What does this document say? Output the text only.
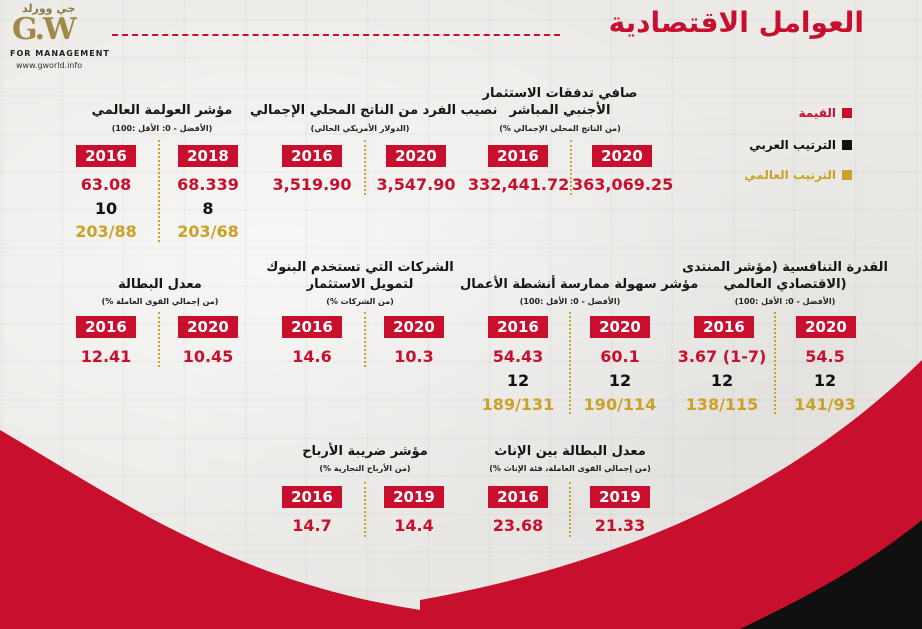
جي وورلد
G.W
FOR MANAGEMENT
www.gworld.info
العوامل الاقتصادية
القيمة
الترتيب العربي
الترتيب العالمي
صافي تدفقات الاستثمار
الأجنبي المباشر
(% من الناتج المحلي الإجمالي)
2020
2016
363,069.25
332,441.72
نصيب الفرد من الناتج المحلي الإجمالي
(الدولار الأمريكي الحالي)
2020
2016
3,547.90
3,519.90
مؤشر العولمة العالمي
(100: الأفضل - 0: الأقل)
2018
2016
68.339
63.08
8
10
203/68
203/88
القدرة التنافسية (مؤشر المنتدى
الاقتصادي العالمي)
(100: الأفضل - 0: الأقل)
2020
2016
54.5
3.67 (1-7)
12
12
141/93
138/115
مؤشر سهولة ممارسة أنشطة الأعمال
(100: الأفضل - 0: الأقل)
2020
2016
60.1
54.43
12
12
190/114
189/131
الشركات التي تستخدم البنوك
لتمويل الاستثمار
(% من الشركات)
2020
2016
10.3
14.6
معدل البطالة
(% من إجمالي القوى العاملة)
2020
2016
10.45
12.41
معدل البطالة بين الإناث
(% من إجمالي القوى العاملة، فئة الإناث)
2019
2016
21.33
23.68
مؤشر ضريبة الأرباح
(% من الأرباح التجارية)
2019
2016
14.4
14.7
